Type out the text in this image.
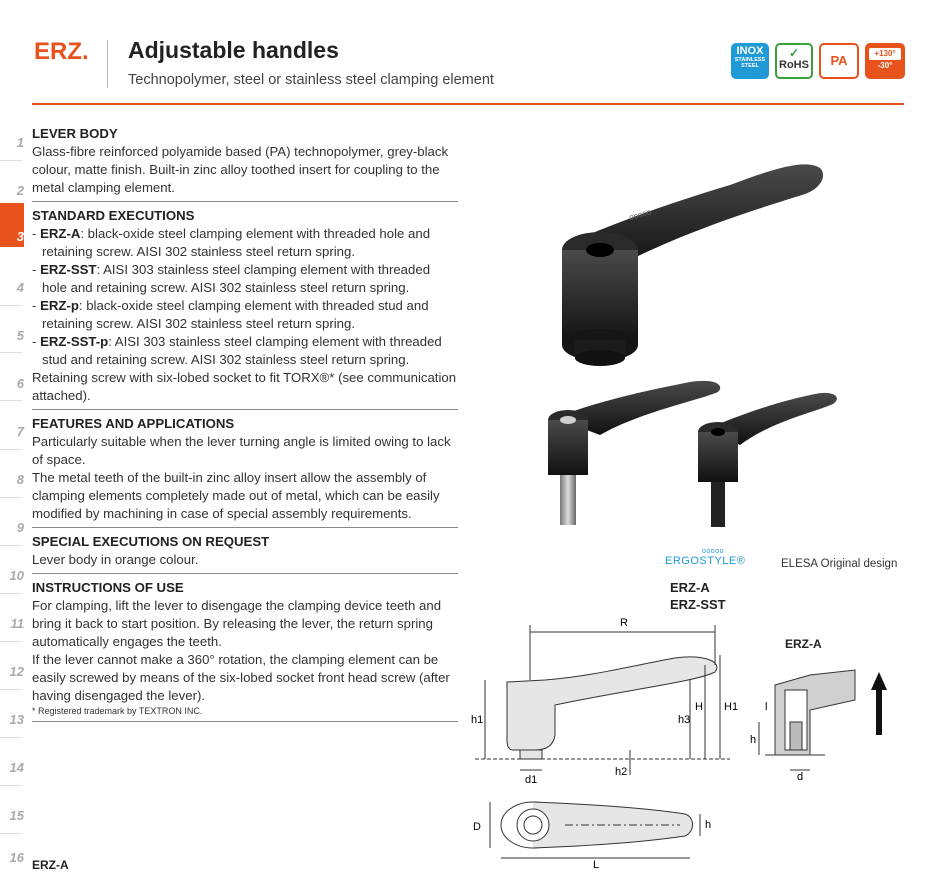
ERZ. Adjustable handles
Technopolymer, steel or stainless steel clamping element
INOX
STAINLESS STEEL
✓
RoHS	PA	+130°
-30°
1
2
3
4
5
6
7
8
9
10
11
12
13
14
15
16
LEVER BODY

Glass-fibre reinforced polyamide based (PA) technopolymer, grey-black colour, matte finish. Built-in zinc alloy toothed insert for coupling to the metal clamping element.

STANDARD EXECUTIONS
- ERZ-A: black-oxide steel clamping element with threaded hole and retaining screw. AISI 302 stainless steel return spring.
- ERZ-SST: AISI 303 stainless steel clamping element with threaded hole and retaining screw. AISI 302 stainless steel return spring.
- ERZ-p: black-oxide steel clamping element with threaded stud and retaining screw. AISI 302 stainless steel return spring.
- ERZ-SST-p: AISI 303 stainless steel clamping element with threaded stud and retaining screw. AISI 302 stainless steel return spring.

Retaining screw with six-lobed socket to fit TORX®* (see communication attached).

FEATURES AND APPLICATIONS

Particularly suitable when the lever turning angle is limited owing to lack of space.

The metal teeth of the built-in zinc alloy insert allow the assembly of clamping elements completely made out of metal, which can be easily modified by machining in case of special assembly requirements.

SPECIAL EXECUTIONS ON REQUEST

Lever body in orange colour.

INSTRUCTIONS OF USE

For clamping, lift the lever to disengage the clamping device teeth and bring it back to start position. By releasing the lever, the return spring automatically engages the teeth.

If the lever cannot make a 360° rotation, the clamping element can be easily screwed by means of the six-lobed socket front head screw (after having disengaged the lever).

* Registered trademark by TEXTRON INC.

ERZ-A
ooooo
ooooo
ERGOSTYLE®	ELESA Original design
ERZ-A
ERZ-SST
ERZ-A
R
h1	h3
H H1
d1
h2
D
L
h
h
d
l
